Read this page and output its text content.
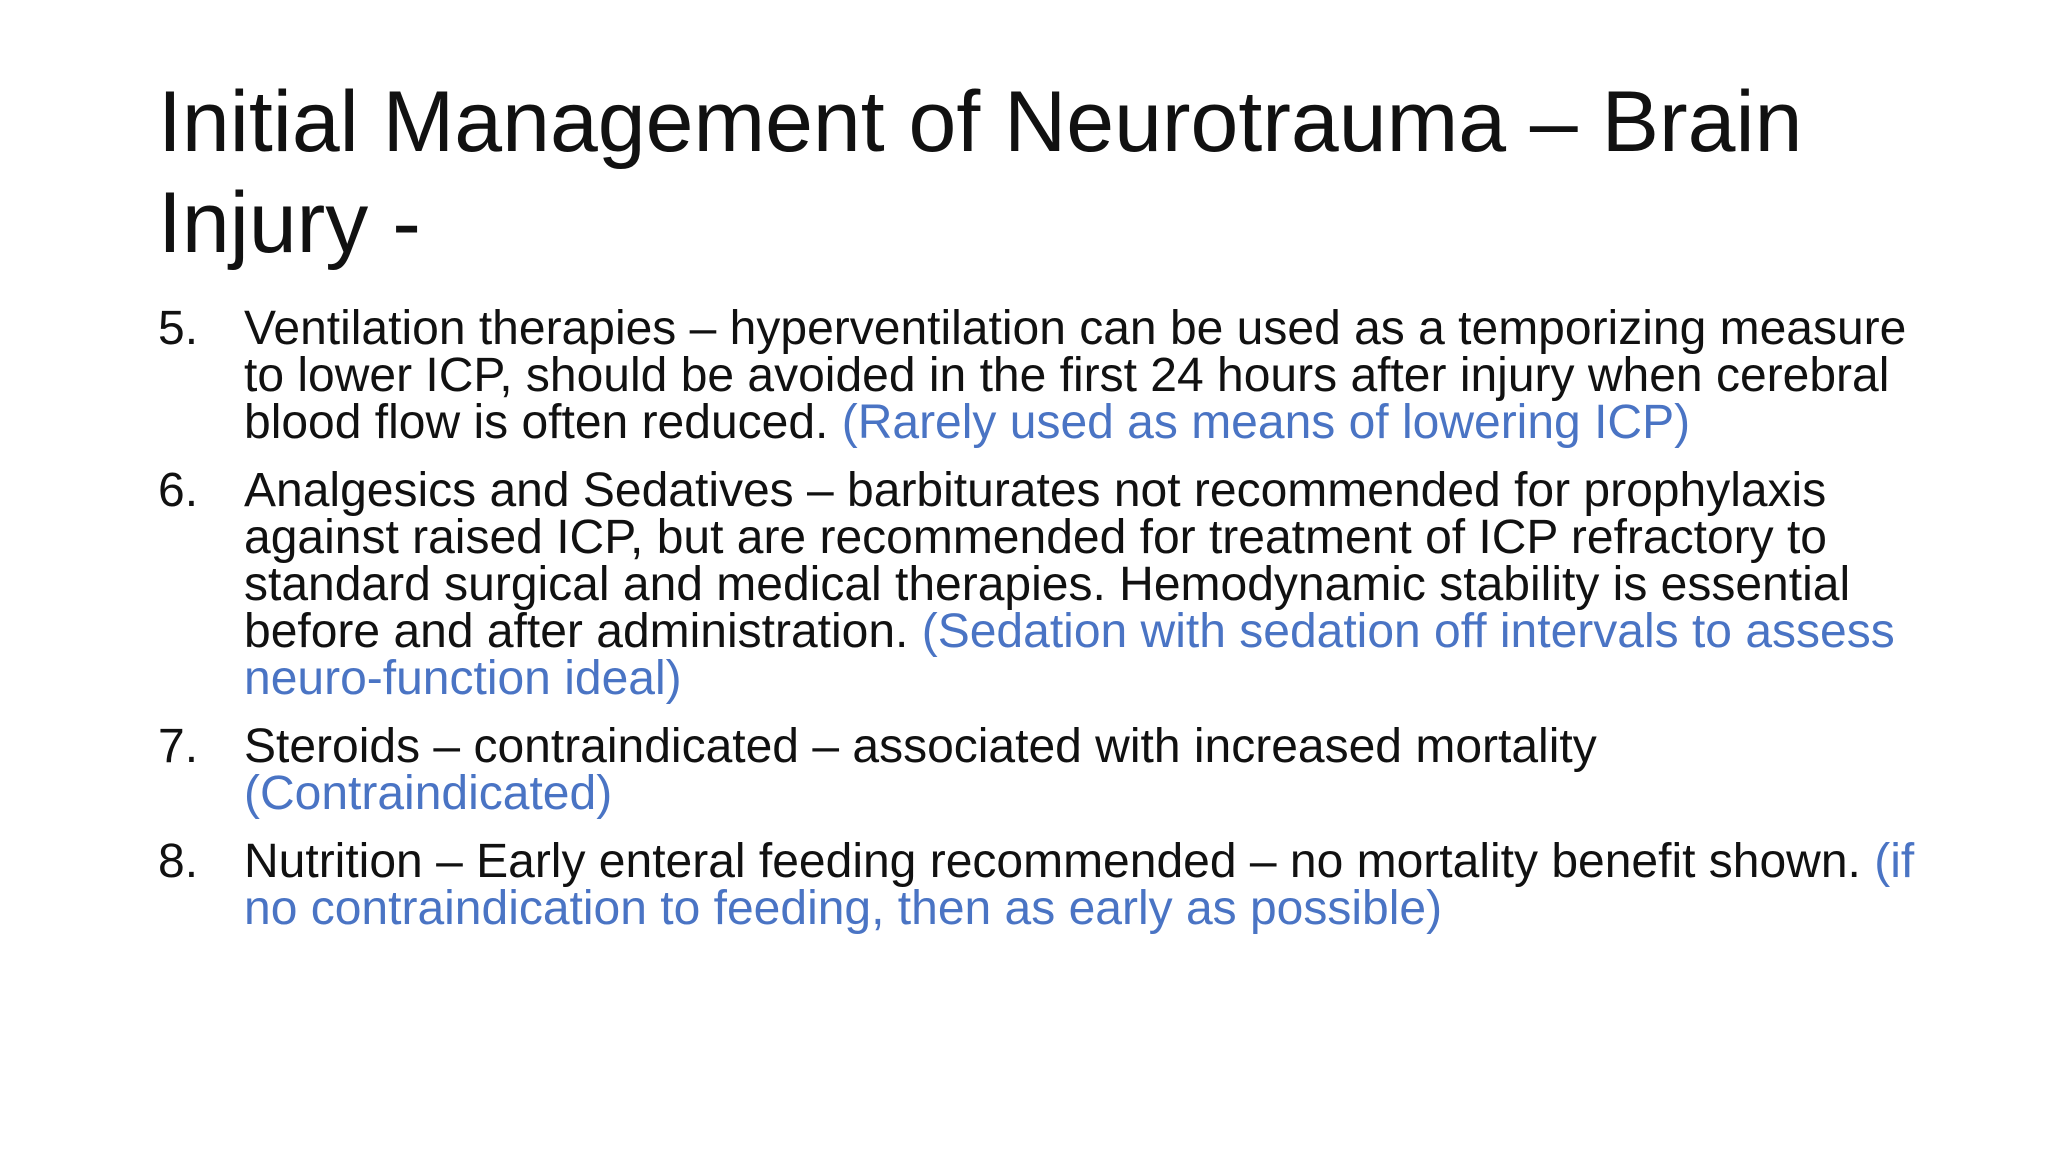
Initial Management of Neurotrauma – Brain Injury -
5. Ventilation therapies – hyperventilation can be used as a temporizing measure to lower ICP, should be avoided in the first 24 hours after injury when cerebral blood flow is often reduced. (Rarely used as means of lowering ICP)
6. Analgesics and Sedatives – barbiturates not recommended for prophylaxis against raised ICP, but are recommended for treatment of ICP refractory to standard surgical and medical therapies. Hemodynamic stability is essential before and after administration. (Sedation with sedation off intervals to assess neuro-function ideal)
7. Steroids – contraindicated – associated with increased mortality (Contraindicated)
8. Nutrition – Early enteral feeding recommended – no mortality benefit shown. (if no contraindication to feeding, then as early as possible)
